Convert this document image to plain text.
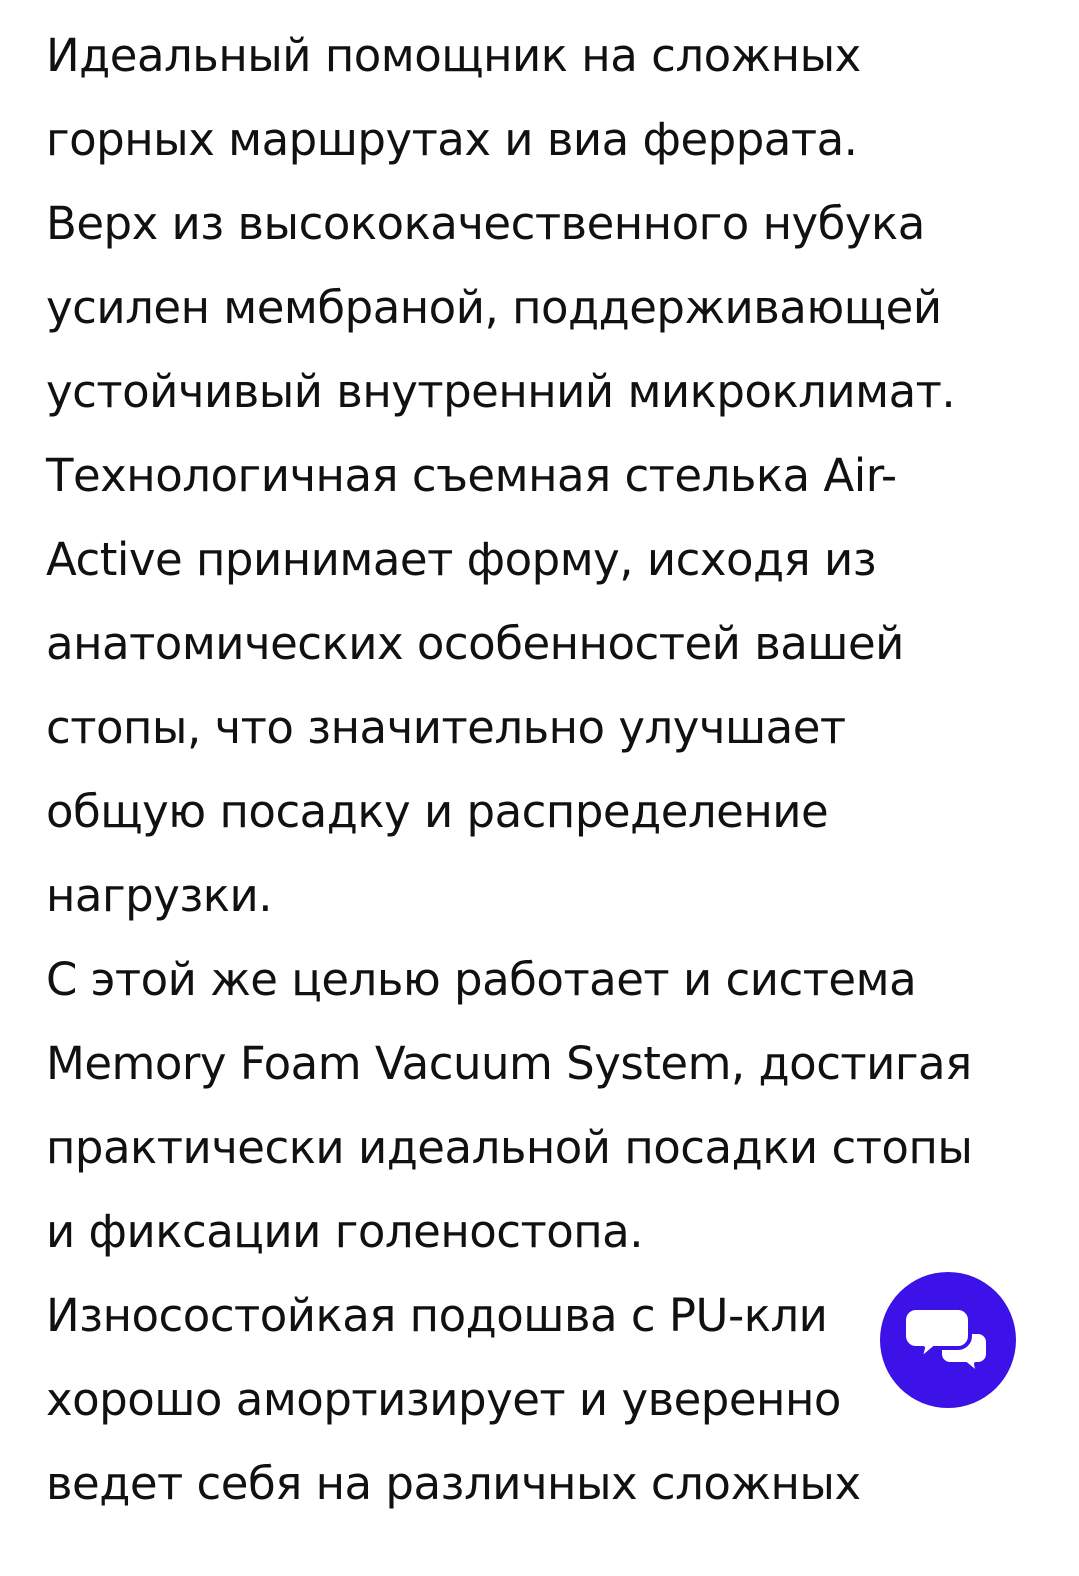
Идеальный помощник на сложных
горных маршрутах и виа феррата.
Верх из высококачественного нубука
усилен мембраной, поддерживающей
устойчивый внутренний микроклимат.
Технологичная съемная стелька Air-
Active принимает форму, исходя из
анатомических особенностей вашей
стопы, что значительно улучшает
общую посадку и распределение
нагрузки.
С этой же целью работает и система
Memory Foam Vacuum System, достигая
практически идеальной посадки стопы
и фиксации голеностопа.
Износостойкая подошва с PU-кли
хорошо амортизирует и уверенно
ведет себя на различных сложных
